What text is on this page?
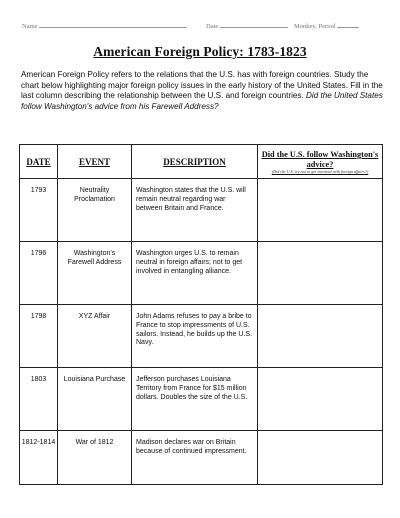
Name	Date	Monkey, Period
American Foreign Policy: 1783-1823
American Foreign Policy refers to the relations that the U.S. has with foreign countries. Study the chart below highlighting major foreign policy issues in the early history of the United States. Fill in the last column describing the relationship between the U.S. and foreign countries. Did the United States follow Washington's advice from his Farewell Address?
DATE	EVENT	DESCRIPTION	Did the U.S. follow Washington's advice?
(Did the U.S. try not to get involved with foreign affairs?)

1793	Neutrality Proclamation	Washington states that the U.S. will remain neutral regarding war between Britain and France.	
1796	Washington's Farewell Address	Washington urges U.S. to remain neutral in foreign affairs; not to get involved in entangling alliance.	
1798	XYZ Affair	John Adams refuses to pay a bribe to France to stop impressments of U.S. sailors. Instead, he builds up the U.S. Navy.	
1803	Louisiana Purchase	Jefferson purchases Louisiana Territory from France for $15 million dollars. Doubles the size of the U.S.	
1812-1814	War of 1812	Madison declares war on Britain because of continued impressment.	
